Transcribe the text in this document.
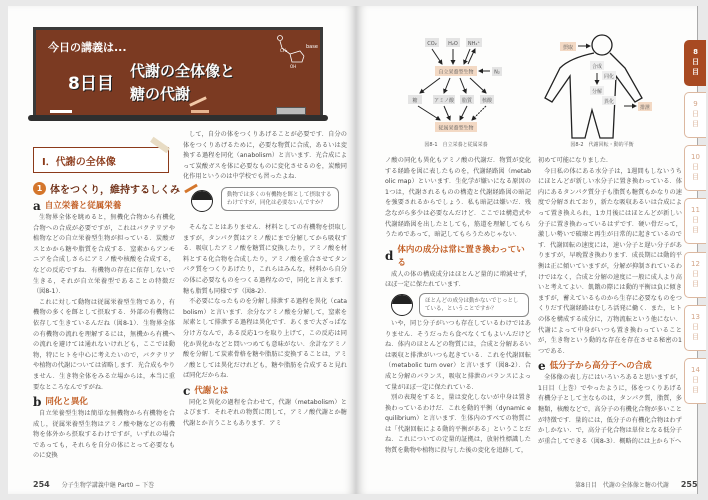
今日の講義は...
8日目
代謝の全体像と
糖の代謝
base
CH₂
OH
I．代謝の全体像
1 体をつくり，維持するしくみ
a 自立栄養と従属栄養

生物界全体を眺めると，無機化合物から有機化合物への合成が必要ですが，これはバクテリアや植物などの自立栄養型生物が担っている．炭酸ガスとかから糖や脂質を合成する．窒素からアンモニアを合成しさらにアミノ酸や核酸を合成する，などの反応ですね．有機物の存在に依存しないで生きる，それが自立栄養型であることの特徴だ（図8-1）．

これに対して動物は従属栄養型生物であり，有機物の多くを餌として摂取する．外部の有機物に依存して生きているんだね（図8-1）．生物界全体の有機物の流れを理解するには，無機から有機への流れを避けては通れないけれども，ここでは動物，特にヒトを中心に考えたいので，バクテリアや植物の代謝については省略します．光合成もやりません．生き物全体をみる立場からは，本当に重要なところなんですがね．

b 同化と異化

自立栄養型生物は簡単な無機物から有機物を合成し，従属栄養型生物はアミノ酸や糖などの有機物を体外から摂取するわけですが，いずれの場合であっても，それらを自分の体にとって必要なものに変換

して，自分の体をつくりあげることが必要です．自分の体をつくりあげるために，必要な物質に合成，あるいは変換する過程を同化（anabolism）と言います．光合成によって炭酸ガスを体に必要なものに変化させるのを，炭酸同化作用というのは中学校でも習ったよね．

動物では多くの有機物を餌として摂取するわけですが，同化は必要ないんですか？

そんなことはありません．材料としての有機物を摂取しますが，タンパク質はアミノ酸にまで分解してから吸収する．吸収したアミノ酸を糖質に変換したり，アミノ酸を材料とする化合物を合成したり，アミノ酸を重合させてタンパク質をつくりあげたり，これらはみんな，材料から自分の体に必要なものをつくる過程なので，同化と言えます．糖も脂質も同様です（図8-2）．

不必要になったものを分解し排泄する過程を異化（catabolism）と言います．余分なアミノ酸を分解して，窒素を尿素として排泄する過程は異化です．あくまで大ざっぱな分け方なんで，ある反応1つを取り上げて，この反応は同化か異化かなどと問いつめても意味がない．余計なアミノ酸を分解して炭素骨格を糖や脂肪に変換することは，アミノ酸としては異化だけれども，糖や脂肪を合成すると見れば同化だからね．

c 代謝とは

同化と異化の過程を合わせて，代謝（metabolism）とよびます．それぞれの物質に関して，アミノ酸代謝とか糖代謝とか言うこともあります．アミ

254 分子生物学講義中継 Part0 − 下巻
CO₂ H₂O NH₄⁺
自立栄養型生物	N₂
糖	アミノ酸 脂質 核酸
従属栄養型生物
図8-1　自立栄養と従属栄養
摂取
合成
同化
分解
異化
排泄
図8-2　代謝回転・動的平衡

ノ酸の同化も異化もアミノ酸の代謝だ．物質が変化する経路を図に表したものを，代謝経路図（metabolic map）といいます．生化学が嫌いになる原因の1つは，代謝されるものの構造と代謝経路図の暗記を強要されるからでしょう．私も暗記は嫌いだ．残念ながら多少は必要なんだけど．ここでは構造式や代謝経路図を出したとしても，筋道を理解してもらうためであって，暗記してもらうためじゃない．

d 体内の成分は常に置き換わっている

成人の体の構成成分はほとんど量的に増減せず，ほぼ一定に保たれています．

ほとんどの成分は動かないでじっとしている，ということですか？

いや，同じ分子がいつも存在しているわけではありません．そうだったら食べなくてもよいんだけどね．体内のほとんどの物質には，合成と分解あるいは吸収と排泄がいつも起きている．これを代謝回転（metabolic turn over）と言います（図8-2）．合成と分解のバランス，吸収と排泄のバランスによって量がほぼ一定に保たれている．

別の表現をすると，量は変化しないが中身は置き換わっているわけだ．これを動的平衡（dynamic equilibrium）と言います．生体内のすべての物質には「代謝回転による動的平衡がある」ということだね．これについての定量的証拠は，放射性標識した物質を動物や植物に投与した後の変化を追跡して，

初めて可能になりました．

今日私の体にある水分子は，1週間もしないうちにほとんどが新しい水分子に置き換わっている．体内にあるタンパク質分子も脂質も糖質もかなりの速度で分解されており，新たな吸収あるいは合成によって置き換えられ，1カ月後にはほとんどが新しい分子に置き換わっているはずです．硬い骨だって，激しい勢いで破壊と再生が日常的に起きているのです．代謝回転の速度には，速い分子と遅い分子がありますが，早晩置き換わります．成長期には動的平衡は正に傾いていますが，分解が抑制されているわけではなく，合成と分解の速度に一般に成人より高いと考えてよい．飢餓の際には動的平衡は負に傾きますが，蓄えているものから生存に必要なものをつくりだす代謝経路はむしろ活発に働く．また，ヒトの体を構成する成分に，万物流転という他にない．代謝によって中身がいつも置き換わっていることが，生き物という動的な存在を存在させる秘密の1つである．

e 低分子から高分子への合成

全体像の表し方にはいろいろあると思いますが，1日目（上巻）でやったように，体をつくりあげる有機分子として主なものは，タンパク質，脂質，多糖類，核酸などで，高分子の有機化合物が多いことが特徴です．量的には，低分子の有機化合物はわずかしかない．で，高分子化合物は単位となる低分子が重合してできる（図8-3）．概略的には上から下へ

第8日目　代謝の全体像と糖の代謝 255
8
日目
9
日目
10
日目
11
日目
12
日目
13
日目
14
日目
